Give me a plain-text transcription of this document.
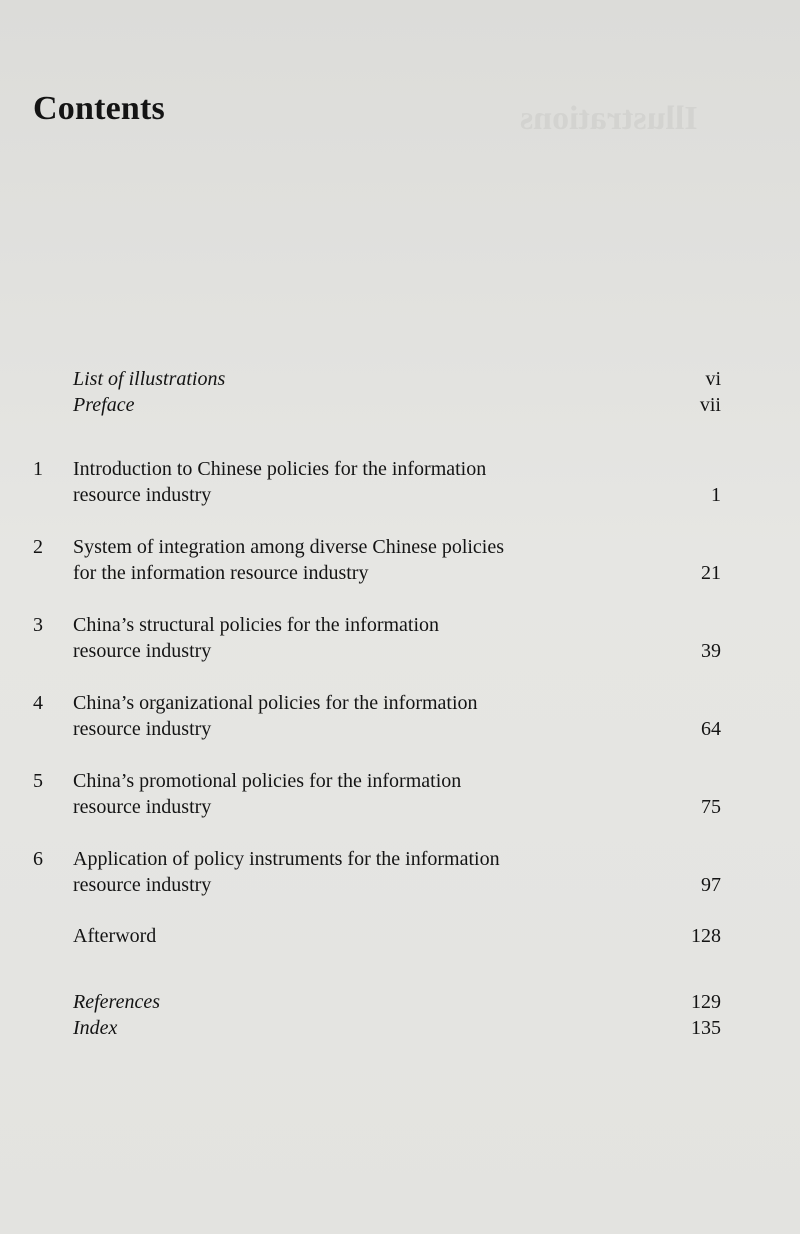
Illustrations
Contents
List of illustrations	vi
Preface	vii
1	Introduction to Chinese policies for the information
resource industry	1
2	System of integration among diverse Chinese policies
for the information resource industry	21
3	China’s structural policies for the information
resource industry	39
4	China’s organizational policies for the information
resource industry	64
5	China’s promotional policies for the information
resource industry	75
6	Application of policy instruments for the information
resource industry	97
Afterword	128
References	129
Index	135
